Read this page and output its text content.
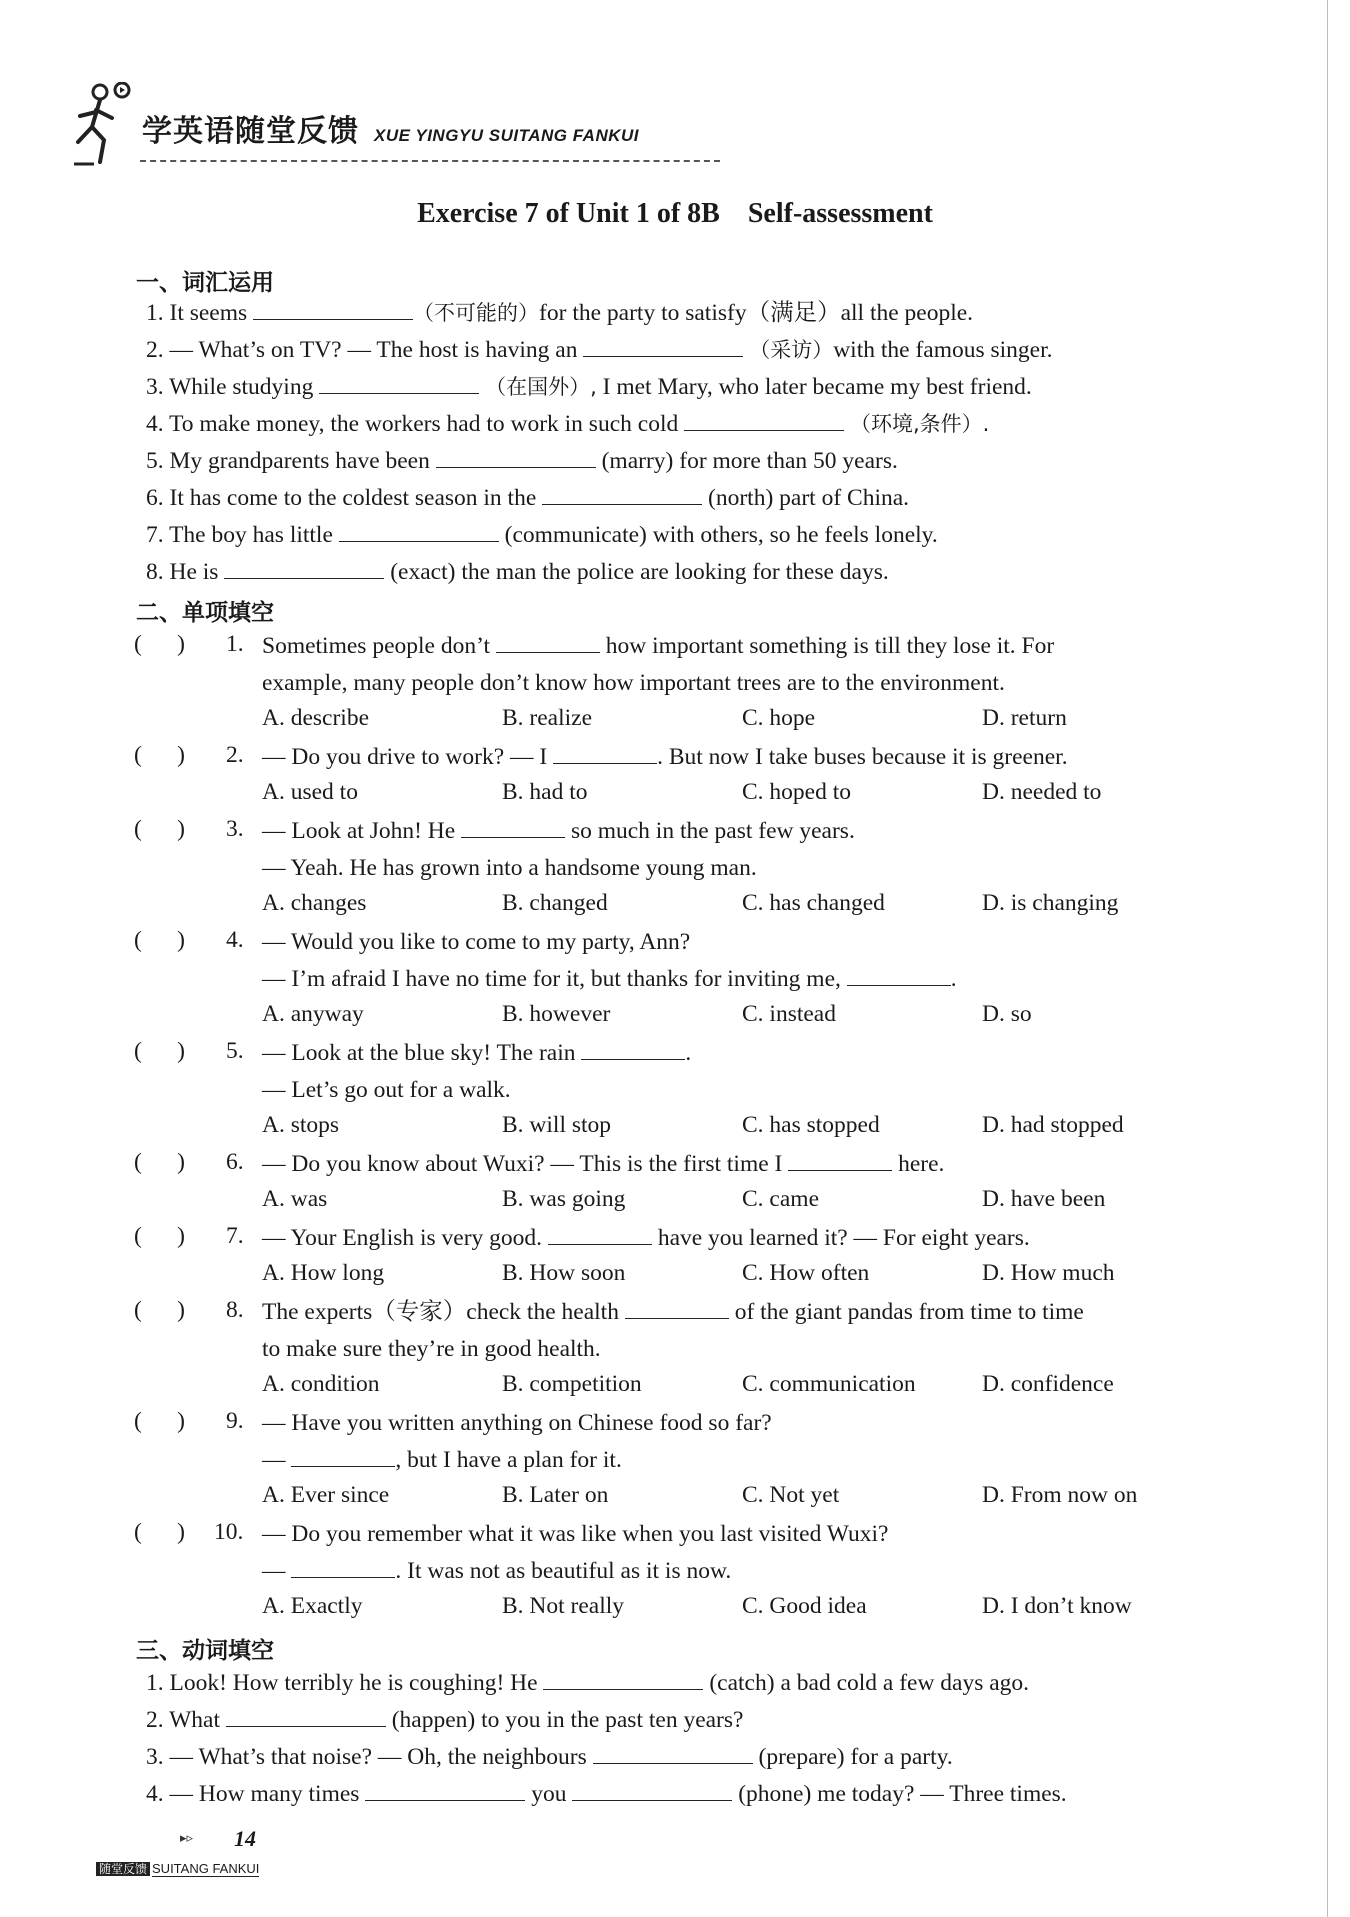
学英语随堂反馈 XUE YINGYU SUITANG FANKUI
Exercise 7 of Unit 1 of 8B Self-assessment
一、词汇运用
1. It seems	（不可能的）for the party to satisfy（满足）all the people.
2. — What’s on TV? — The host is having an	（采访）with the famous singer.
3. While studying	（在国外）, I met Mary, who later became my best friend.
4. To make money, the workers had to work in such cold	（环境,条件）.
5. My grandparents have been	(marry) for more than 50 years.
6. It has come to the coldest season in the	(north) part of China.
7. The boy has little	(communicate) with others, so he feels lonely.
8. He is	(exact) the man the police are looking for these days.
二、单项填空
(      ) 1. Sometimes people don’t	how important something is till they lose it. For
example, many people don’t know how important trees are to the environment.
A. describe	B. realize	C. hope	D. return
(      ) 2. — Do you drive to work? — I	. But now I take buses because it is greener.
A. used to	B. had to	C. hoped to	D. needed to
(      ) 3. — Look at John! He	so much in the past few years.
— Yeah. He has grown into a handsome young man.
A. changes	B. changed	C. has changed	D. is changing
(      ) 4. — Would you like to come to my party, Ann?
— I’m afraid I have no time for it, but thanks for inviting me,	.
A. anyway	B. however	C. instead	D. so
(      ) 5. — Look at the blue sky! The rain	.
— Let’s go out for a walk.
A. stops	B. will stop	C. has stopped	D. had stopped
(      ) 6. — Do you know about Wuxi? — This is the first time I	here.
A. was	B. was going	C. came	D. have been
(      ) 7. — Your English is very good.	have you learned it? — For eight years.
A. How long	B. How soon	C. How often	D. How much
(      ) 8. The experts（专家）check the health	of the giant pandas from time to time
to make sure they’re in good health.
A. condition	B. competition	C. communication	D. confidence
(      ) 9. — Have you written anything on Chinese food so far?
—	, but I have a plan for it.
A. Ever since	B. Later on	C. Not yet	D. From now on
(      ) 10. — Do you remember what it was like when you last visited Wuxi?
—	. It was not as beautiful as it is now.
A. Exactly	B. Not really	C. Good idea	D. I don’t know
三、动词填空
1. Look! How terribly he is coughing! He	(catch) a bad cold a few days ago.
2. What	(happen) to you in the past ten years?
3. — What’s that noise? — Oh, the neighbours	(prepare) for a party.
4. — How many times	you	(phone) me today? — Three times.
▸▹ 14
随堂反馈 SUITANG FANKUI
